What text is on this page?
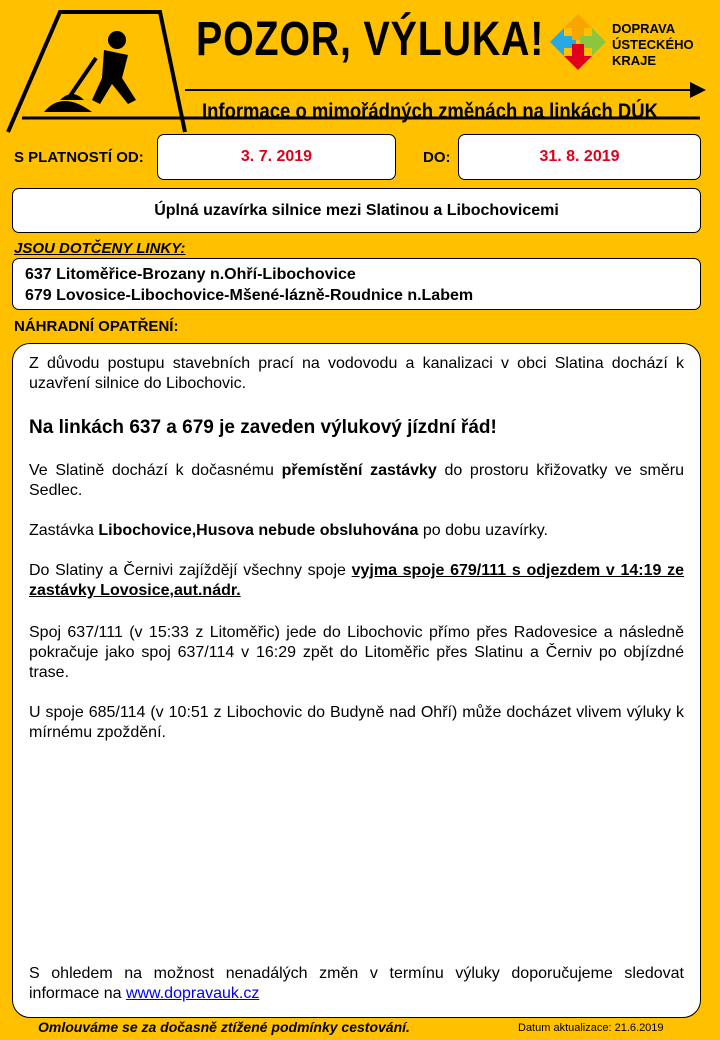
POZOR, VÝLUKA!
Informace o mimořádných změnách na linkách DÚK
DOPRAVA
ÚSTECKÉHO
KRAJE
S PLATNOSTÍ OD:	3. 7. 2019	DO:	31. 8. 2019
Úplná uzavírka silnice mezi Slatinou a Libochovicemi
JSOU DOTČENY LINKY:
637 Litoměřice-Brozany n.Ohří-Libochovice
679 Lovosice-Libochovice-Mšené-lázně-Roudnice n.Labem
NÁHRADNÍ OPATŘENÍ:

Z důvodu postupu stavebních prací na vodovodu a kanalizaci v obci Slatina dochází k uzavření silnice do Libochovic.

Na linkách 637 a 679 je zaveden výlukový jízdní řád!

Ve Slatině dochází k dočasnému přemístění zastávky do prostoru křižovatky ve směru Sedlec.

Zastávka Libochovice,Husova nebude obsluhována po dobu uzavírky.

Do Slatiny a Černivi zajíždějí všechny spoje vyjma spoje 679/111 s odjezdem v 14:19 ze zastávky Lovosice,aut.nádr.

Spoj 637/111 (v 15:33 z Litoměřic) jede do Libochovic přímo přes Radovesice a následně pokračuje jako spoj 637/114 v 16:29 zpět do Litoměřic přes Slatinu a Černiv po objízdné trase.

U spoje 685/114 (v 10:51 z Libochovic do Budyně nad Ohří) může docházet vlivem výluky k mírnému zpoždění.

S ohledem na možnost nenadálých změn v termínu výluky doporučujeme sledovat informace na www.dopravauk.cz

Omlouváme se za dočasně ztížené podmínky cestování.	Datum aktualizace: 21.6.2019
